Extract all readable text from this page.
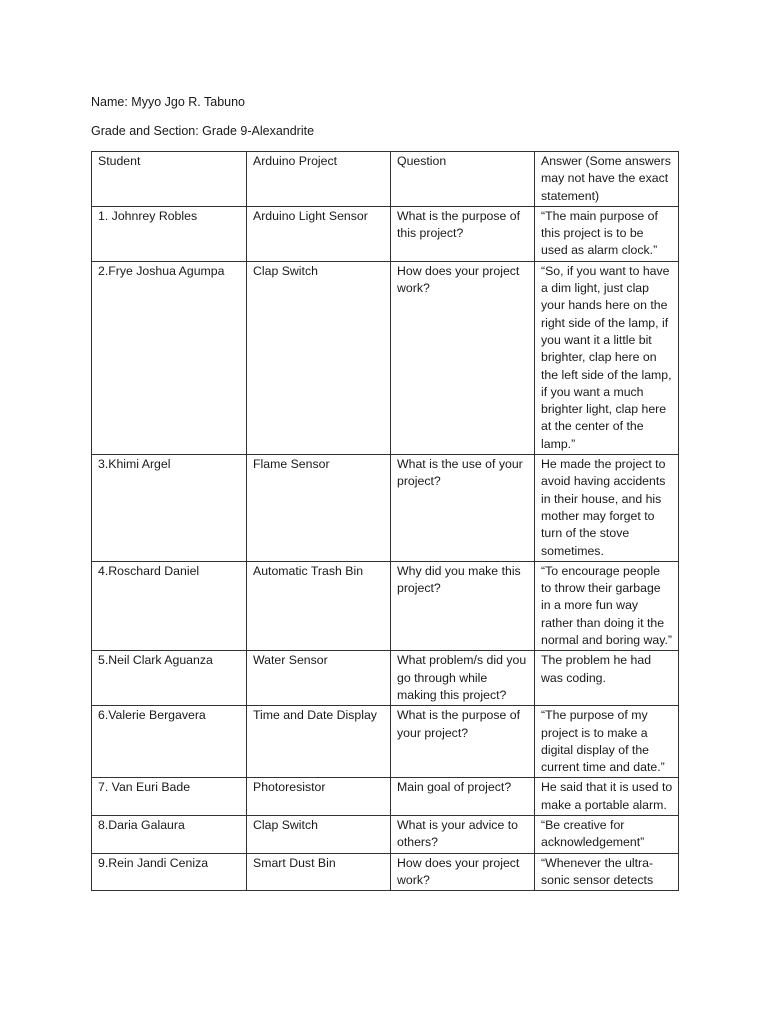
Name: Myyo Jgo R. Tabuno
Grade and Section: Grade 9-Alexandrite
Student	Arduino Project	Question	Answer (Some answers may not have the exact statement)
1. Johnrey Robles	Arduino Light Sensor	What is the purpose of this project?	“The main purpose of this project is to be used as alarm clock.”
2.Frye Joshua Agumpa	Clap Switch	How does your project work?	“So, if you want to have a dim light, just clap your hands here on the right side of the lamp, if you want it a little bit brighter, clap here on the left side of the lamp, if you want a much brighter light, clap here at the center of the lamp.”
3.Khimi Argel	Flame Sensor	What is the use of your project?	He made the project to avoid having accidents in their house, and his mother may forget to turn of the stove sometimes.
4.Roschard Daniel	Automatic Trash Bin	Why did you make this project?	“To encourage people to throw their garbage in a more fun way rather than doing it the normal and boring way.”
5.Neil Clark Aguanza	Water Sensor	What problem/s did you go through while making this project?	The problem he had was coding.
6.Valerie Bergavera	Time and Date Display	What is the purpose of your project?	“The purpose of my project is to make a digital display of the current time and date.”
7. Van Euri Bade	Photoresistor	Main goal of project?	He said that it is used to make a portable alarm.
8.Daria Galaura	Clap Switch	What is your advice to others?	“Be creative for acknowledgement”
9.Rein Jandi Ceniza	Smart Dust Bin	How does your project work?	“Whenever the ultra-sonic sensor detects
